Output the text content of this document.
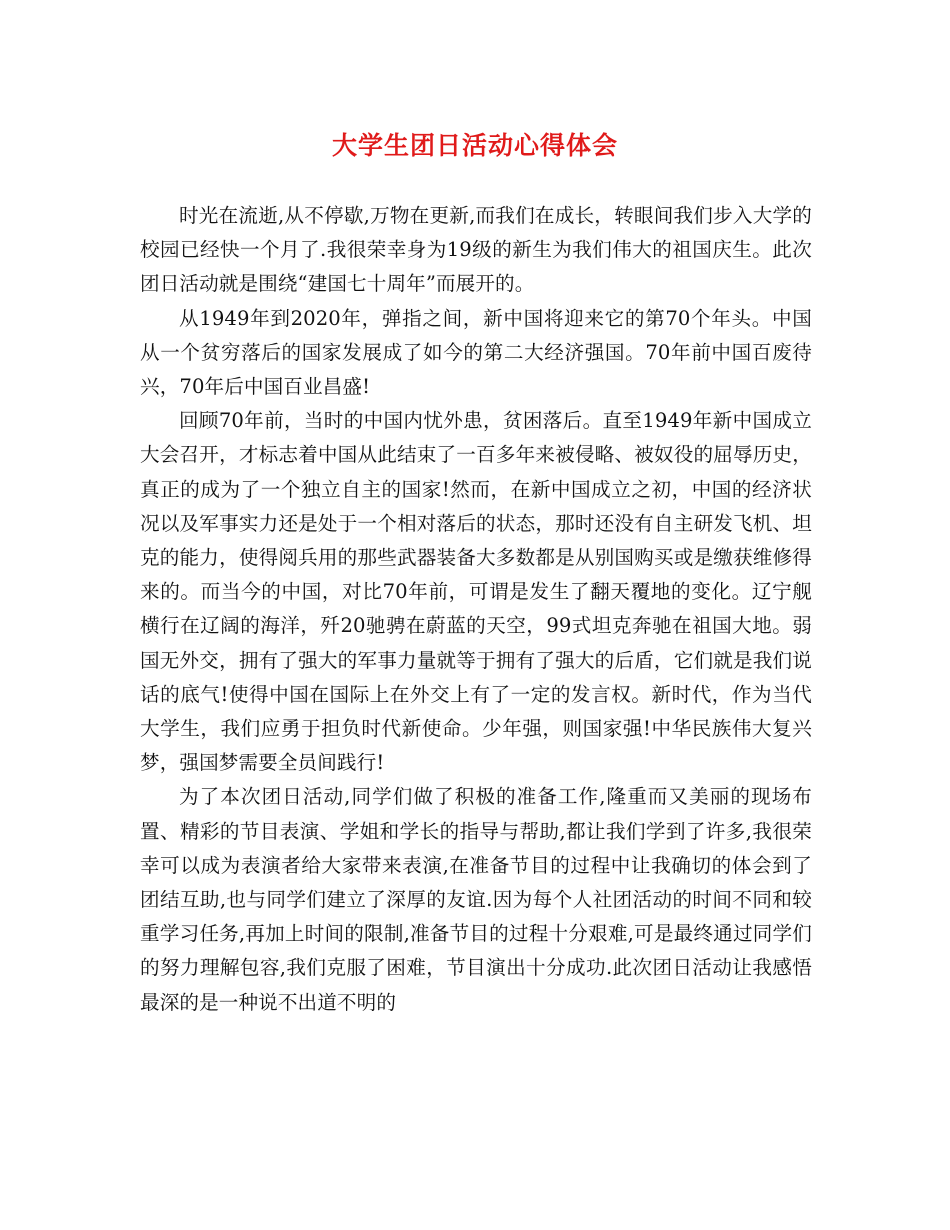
大学生团日活动心得体会

时光在流逝,从不停歇,万物在更新,而我们在成长，转眼间我们步入大学的校园已经快一个月了.我很荣幸身为19级的新生为我们伟大的祖国庆生。此次团日活动就是围绕“建国七十周年”而展开的。

从1949年到2020年，弹指之间，新中国将迎来它的第70个年头。中国从一个贫穷落后的国家发展成了如今的第二大经济强国。70年前中国百废待兴，70年后中国百业昌盛!

回顾70年前，当时的中国内忧外患，贫困落后。直至1949年新中国成立大会召开，才标志着中国从此结束了一百多年来被侵略、被奴役的屈辱历史，真正的成为了一个独立自主的国家!然而，在新中国成立之初，中国的经济状况以及军事实力还是处于一个相对落后的状态，那时还没有自主研发飞机、坦克的能力，使得阅兵用的那些武器装备大多数都是从别国购买或是缴获维修得来的。而当今的中国，对比70年前，可谓是发生了翻天覆地的变化。辽宁舰横行在辽阔的海洋，歼20驰骋在蔚蓝的天空，99式坦克奔驰在祖国大地。弱国无外交，拥有了强大的军事力量就等于拥有了强大的后盾，它们就是我们说话的底气!使得中国在国际上在外交上有了一定的发言权。新时代，作为当代大学生，我们应勇于担负时代新使命。少年强，则国家强!中华民族伟大复兴梦，强国梦需要全员间践行!

为了本次团日活动,同学们做了积极的准备工作,隆重而又美丽的现场布置、精彩的节目表演、学姐和学长的指导与帮助,都让我们学到了许多,我很荣幸可以成为表演者给大家带来表演,在准备节目的过程中让我确切的体会到了团结互助,也与同学们建立了深厚的友谊.因为每个人社团活动的时间不同和较重学习任务,再加上时间的限制,准备节目的过程十分艰难,可是最终通过同学们的努力理解包容,我们克服了困难，节目演出十分成功.此次团日活动让我感悟最深的是一种说不出道不明的
